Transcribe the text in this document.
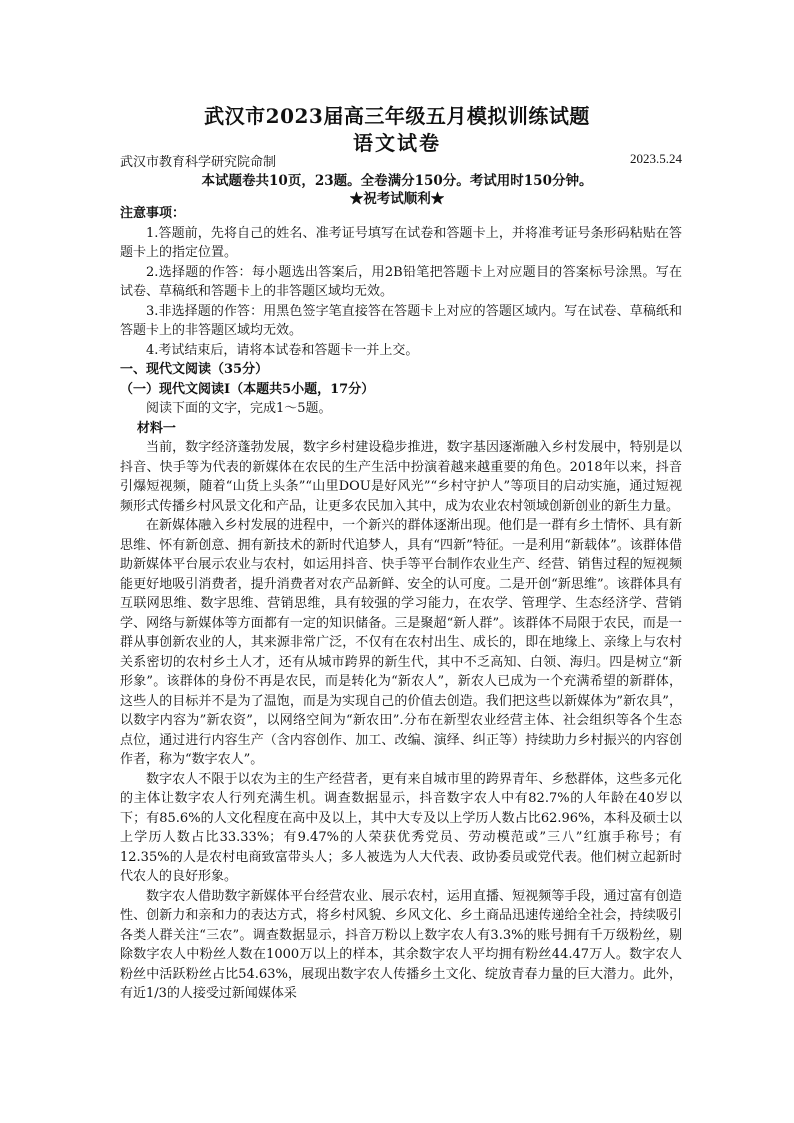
武汉市2023届高三年级五月模拟训练试题
语文试卷
武汉市教育科学研究院命制	2023.5.24
本试题卷共10页，23题。全卷满分150分。考试用时150分钟。
★祝考试顺利★

注意事项：

1.答题前，先将自己的姓名、准考证号填写在试卷和答题卡上，并将准考证号条形码粘贴在答题卡上的指定位置。

2.选择题的作答：每小题选出答案后，用2B铅笔把答题卡上对应题目的答案标号涂黑。写在试卷、草稿纸和答题卡上的非答题区域均无效。

3.非选择题的作答：用黑色签字笔直接答在答题卡上对应的答题区域内。写在试卷、草稿纸和答题卡上的非答题区域均无效。

4.考试结束后，请将本试卷和答题卡一并上交。

一、现代文阅读（35分）

（一）现代文阅读Ⅰ（本题共5小题，17分）

阅读下面的文字，完成1～5题。

材料一

当前，数字经济蓬勃发展，数字乡村建设稳步推进，数字基因逐渐融入乡村发展中，特别是以抖音、快手等为代表的新媒体在农民的生产生活中扮演着越来越重要的角色。2018年以来，抖音引爆短视频，随着“山货上头条”“山里DOU是好风光”“乡村守护人”等项目的启动实施，通过短视频形式传播乡村风景文化和产品，让更多农民加入其中，成为农业农村领域创新创业的新生力量。

在新媒体融入乡村发展的进程中，一个新兴的群体逐渐出现。他们是一群有乡土情怀、具有新思维、怀有新创意、拥有新技术的新时代追梦人，具有“四新”特征。一是利用“新载体”。该群体借助新媒体平台展示农业与农村，如运用抖音、快手等平台制作农业生产、经营、销售过程的短视频能更好地吸引消费者，提升消费者对农产品新鲜、安全的认可度。二是开创“新思维”。该群体具有互联网思维、数字思维、营销思维，具有较强的学习能力，在农学、管理学、生态经济学、营销学、网络与新媒体等方面都有一定的知识储备。三是聚超“新人群”。该群体不局限于农民，而是一群从事创新农业的人，其来源非常广泛，不仅有在农村出生、成长的，即在地缘上、亲缘上与农村关系密切的农村乡土人才，还有从城市跨界的新生代，其中不乏高知、白领、海归。四是树立“新形象”。该群体的身份不再是农民，而是转化为“新农人”，新农人已成为一个充满希望的新群体，这些人的目标并不是为了温饱，而是为实现自己的价值去创造。我们把这些以新媒体为”新农具”，以数字内容为”新农资”，以网络空间为“新农田”.分布在新型农业经营主体、社会组织等各个生态点位，通过进行内容生产（含内容创作、加工、改编、演绎、纠正等）持续助力乡村振兴的内容创作者，称为“数字农人”。

数字农人不限于以农为主的生产经营者，更有来自城市里的跨界青年、乡愁群体，这些多元化的主体让数字农人行列充满生机。调查数据显示，抖音数字农人中有82.7%的人年龄在40岁以下；有85.6%的人文化程度在高中及以上，其中大专及以上学历人数占比62.96%，本科及硕士以上学历人数占比33.33%；有9.47%的人荣获优秀党员、劳动模范或”三八”红旗手称号；有12.35%的人是农村电商致富带头人；多人被选为人大代表、政协委员或党代表。他们树立起新时代农人的良好形象。

数字农人借助数字新媒体平台经营农业、展示农村，运用直播、短视频等手段，通过富有创造性、创新力和亲和力的表达方式，将乡村风貌、乡风文化、乡土商品迅速传递给全社会，持续吸引各类人群关注“三农”。调查数据显示，抖音万粉以上数字农人有3.3%的账号拥有千万级粉丝，剔除数字农人中粉丝人数在1000万以上的样本，其余数字农人平均拥有粉丝44.47万人。数字农人粉丝中活跃粉丝占比54.63%，展现出数字农人传播乡土文化、绽放青春力量的巨大潜力。此外，有近1/3的人接受过新闻媒体采
